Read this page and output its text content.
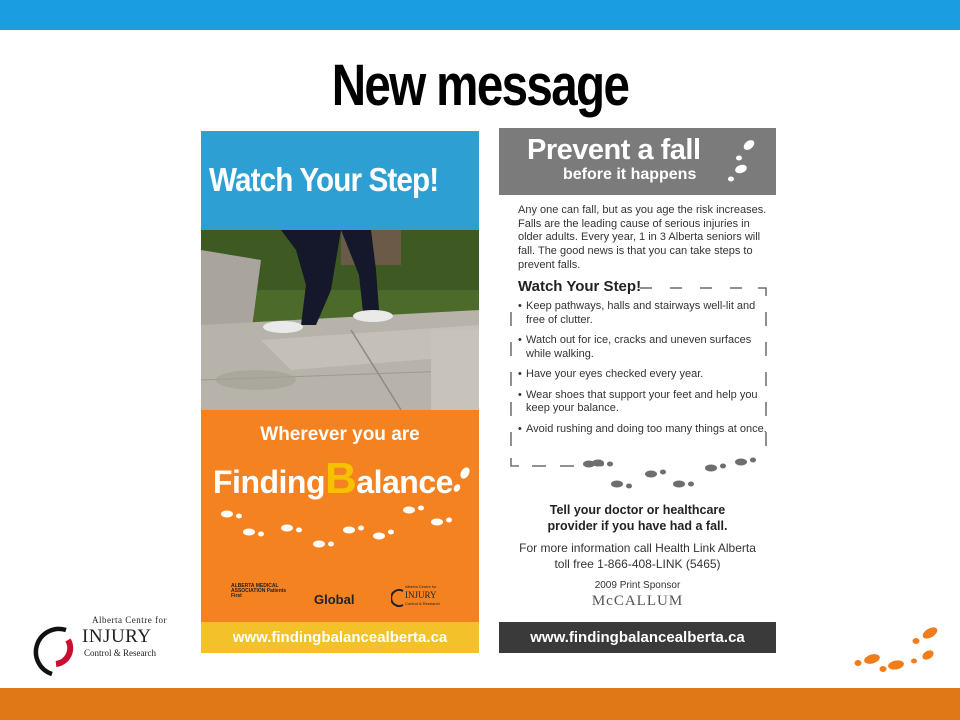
New message
Watch Your Step!
Wherever you are
FindingBalance
ALBERTA MEDICAL ASSOCIATION Patients First	Global
Alberta Centre for
INJURY
Control & Research
www.findingbalancealberta.ca
Prevent a fall
before it happens
Any one can fall, but as you age the risk increases. Falls are the leading cause of serious injuries in older adults. Every year, 1 in 3 Alberta seniors will fall. The good news is that you can take steps to prevent falls.
Watch Your Step!
• Keep pathways, halls and stairways well-lit and free of clutter.
• Watch out for ice, cracks and uneven surfaces while walking.
• Have your eyes checked every year.
• Wear shoes that support your feet and help you keep your balance.
• Avoid rushing and doing too many things at once.
Tell your doctor or healthcare
provider if you have had a fall.
For more information call Health Link Alberta
toll free 1-866-408-LINK (5465)
2009 Print Sponsor
McCALLUM
www.findingbalancealberta.ca
Alberta Centre for
INJURY
Control & Research
